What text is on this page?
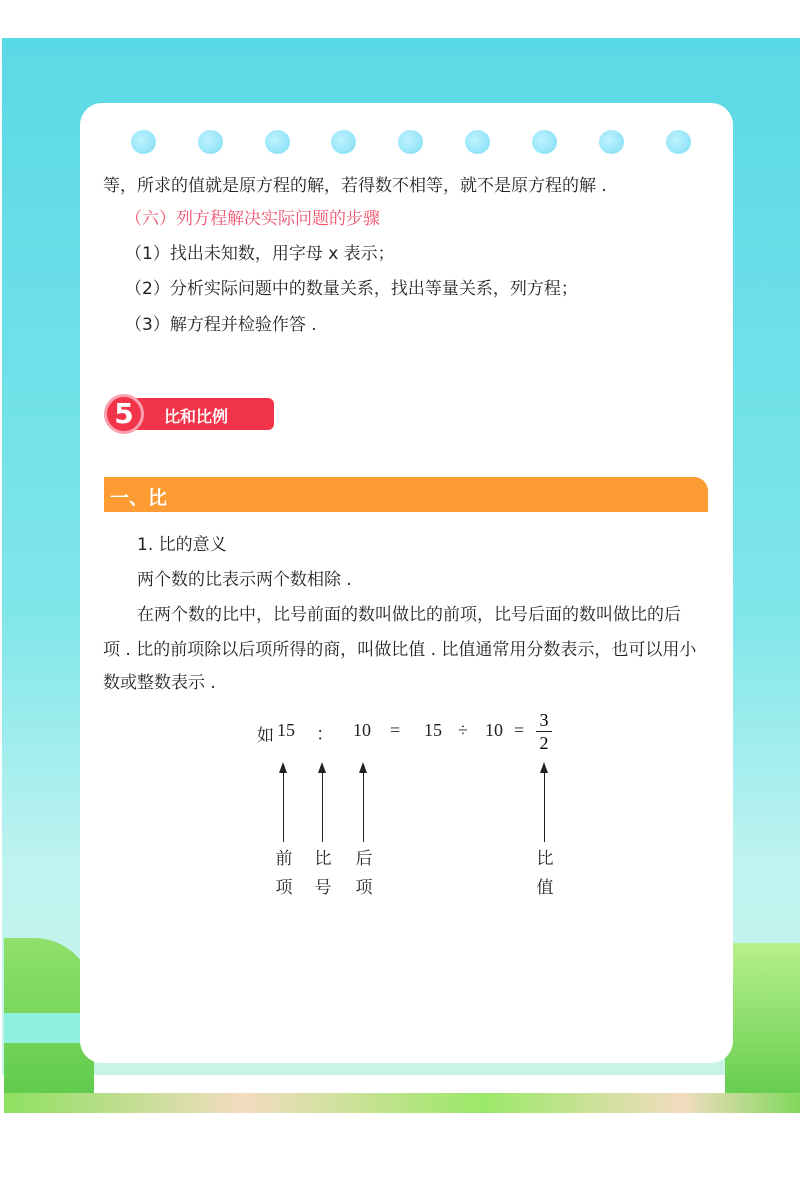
等，所求的值就是原方程的解，若得数不相等，就不是原方程的解 .
（六）列方程解决实际问题的步骤
（1）找出未知数，用字母 x 表示；
（2）分析实际问题中的数量关系，找出等量关系，列方程；
（3）解方程并检验作答 .
比和比例
5
一、比
1. 比的意义
两个数的比表示两个数相除 .
在两个数的比中，比号前面的数叫做比的前项，比号后面的数叫做比的后
项 . 比的前项除以后项所得的商，叫做比值 . 比值通常用分数表示，也可以用小
数或整数表示 .
如 15 ： 10 = 15 ÷ 10 = 3
2
前
项
比
号
后
项
比
值
